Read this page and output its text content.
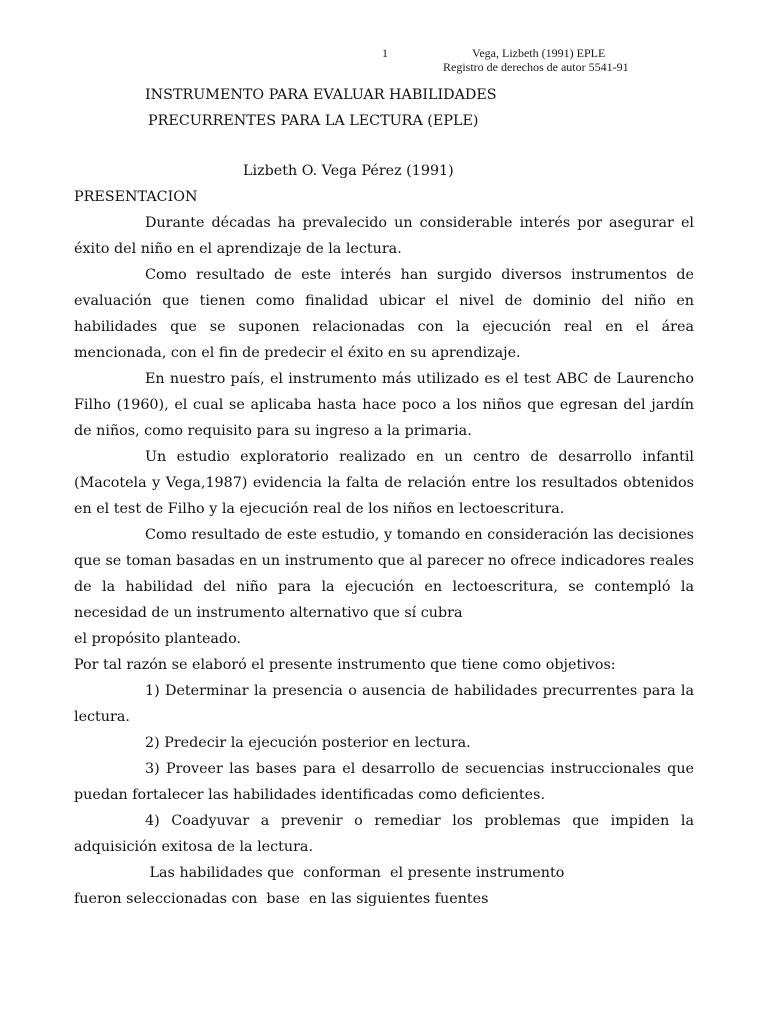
1	Vega, Lizbeth (1991) EPLE
Registro de derechos de autor 5541-91
INSTRUMENTO PARA EVALUAR HABILIDADES
PRECURRENTES PARA LA LECTURA (EPLE)
Lizbeth O. Vega Pérez (1991)
PRESENTACION

Durante décadas ha prevalecido un considerable interés por asegurar el éxito del niño en el aprendizaje de la lectura.

Como resultado de este interés han surgido diversos instrumentos de evaluación que tienen como finalidad ubicar el nivel de dominio del niño en habilidades que se suponen relacionadas con la ejecución real en el área mencionada, con el fin de predecir el éxito en su aprendizaje.

En nuestro país, el instrumento más utilizado es el test ABC de Laurencho Filho (1960), el cual se aplicaba hasta hace poco a los niños que egresan del jardín de niños, como requisito para su ingreso a la primaria.

Un estudio exploratorio realizado en un centro de desarrollo infantil (Macotela y Vega,1987) evidencia la falta de relación entre los resultados obtenidos en el test de Filho y la ejecución real de los niños en lectoescritura.

Como resultado de este estudio, y tomando en consideración las decisiones que se toman basadas en un instrumento que al parecer no ofrece indicadores reales de la habilidad del niño para la ejecución en lectoescritura, se contempló la necesidad de un instrumento alternativo que sí cubra

el propósito planteado.

Por tal razón se elaboró el presente instrumento que tiene como objetivos:

1) Determinar la presencia o ausencia de habilidades precurrentes para la lectura.

2) Predecir la ejecución posterior en lectura.

3) Proveer las bases para el desarrollo de secuencias instruccionales que puedan fortalecer las habilidades identificadas como deficientes.

4) Coadyuvar a prevenir o remediar los problemas que impiden la adquisición exitosa de la lectura.

Las habilidades que  conforman  el presente instrumento

fueron seleccionadas con  base  en las siguientes fuentes
